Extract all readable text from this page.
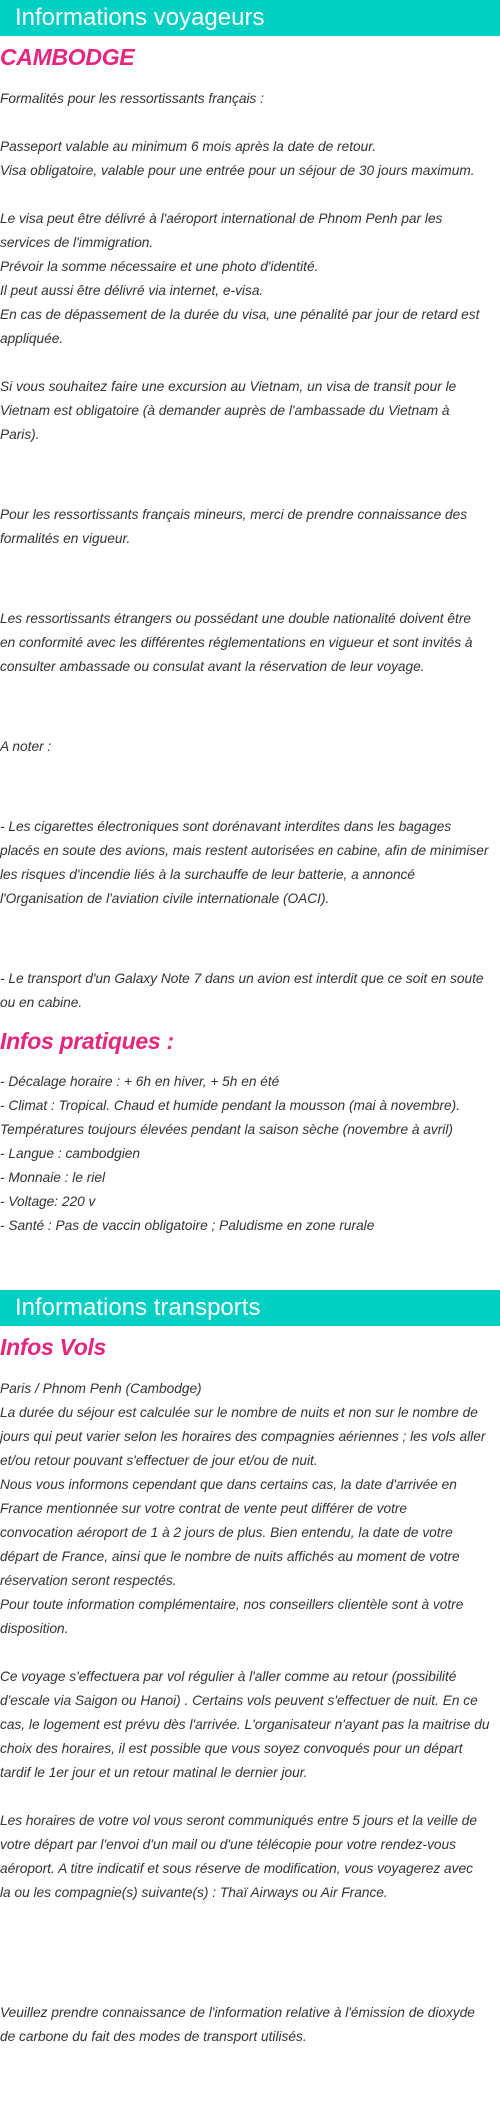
Informations voyageurs
CAMBODGE
Formalités pour les ressortissants français :
Passeport valable au minimum 6 mois après la date de retour.
Visa obligatoire, valable pour une entrée pour un séjour de 30 jours maximum.
Le visa peut être délivré à l'aéroport international de Phnom Penh par les
services de l'immigration.
Prévoir la somme nécessaire et une photo d'identité.
Il peut aussi être délivré via internet, e-visa.
En cas de dépassement de la durée du visa, une pénalité par jour de retard est
appliquée.
Si vous souhaitez faire une excursion au Vietnam, un visa de transit pour le
Vietnam est obligatoire (à demander auprès de l'ambassade du Vietnam à
Paris).
Pour les ressortissants français mineurs, merci de prendre connaissance des
formalités en vigueur.
Les ressortissants étrangers ou possédant une double nationalité doivent être
en conformité avec les différentes réglementations en vigueur et sont invités à
consulter ambassade ou consulat avant la réservation de leur voyage.
A noter :
- Les cigarettes électroniques sont dorénavant interdites dans les bagages
placés en soute des avions, mais restent autorisées en cabine, afin de minimiser
les risques d'incendie liés à la surchauffe de leur batterie, a annoncé
l'Organisation de l'aviation civile internationale (OACI).
- Le transport d'un Galaxy Note 7 dans un avion est interdit que ce soit en soute
ou en cabine.
Infos pratiques :
- Décalage horaire : + 6h en hiver, + 5h en été
- Climat : Tropical. Chaud et humide pendant la mousson (mai à novembre).
Températures toujours élevées pendant la saison sèche (novembre à avril)
- Langue : cambodgien
- Monnaie : le riel
- Voltage: 220 v
- Santé : Pas de vaccin obligatoire ; Paludisme en zone rurale
Informations transports
Infos Vols
Paris / Phnom Penh (Cambodge)
La durée du séjour est calculée sur le nombre de nuits et non sur le nombre de
jours qui peut varier selon les horaires des compagnies aériennes ; les vols aller
et/ou retour pouvant s'effectuer de jour et/ou de nuit.
Nous vous informons cependant que dans certains cas, la date d'arrivée en
France mentionnée sur votre contrat de vente peut différer de votre
convocation aéroport de 1 à 2 jours de plus. Bien entendu, la date de votre
départ de France, ainsi que le nombre de nuits affichés au moment de votre
réservation seront respectés.
Pour toute information complémentaire, nos conseillers clientèle sont à votre
disposition.
Ce voyage s'effectuera par vol régulier à l'aller comme au retour (possibilité
d'escale via Saigon ou Hanoi) . Certains vols peuvent s'effectuer de nuit. En ce
cas, le logement est prévu dès l'arrivée. L'organisateur n'ayant pas la maitrise du
choix des horaires, il est possible que vous soyez convoqués pour un départ
tardif le 1er jour et un retour matinal le dernier jour.
Les horaires de votre vol vous seront communiqués entre 5 jours et la veille de
votre départ par l'envoi d'un mail ou d'une télécopie pour votre rendez-vous
aéroport. A titre indicatif et sous réserve de modification, vous voyagerez avec
la ou les compagnie(s) suivante(s) : Thaï Airways ou Air France.
Veuillez prendre connaissance de l'information relative à l'émission de dioxyde
de carbone du fait des modes de transport utilisés.
